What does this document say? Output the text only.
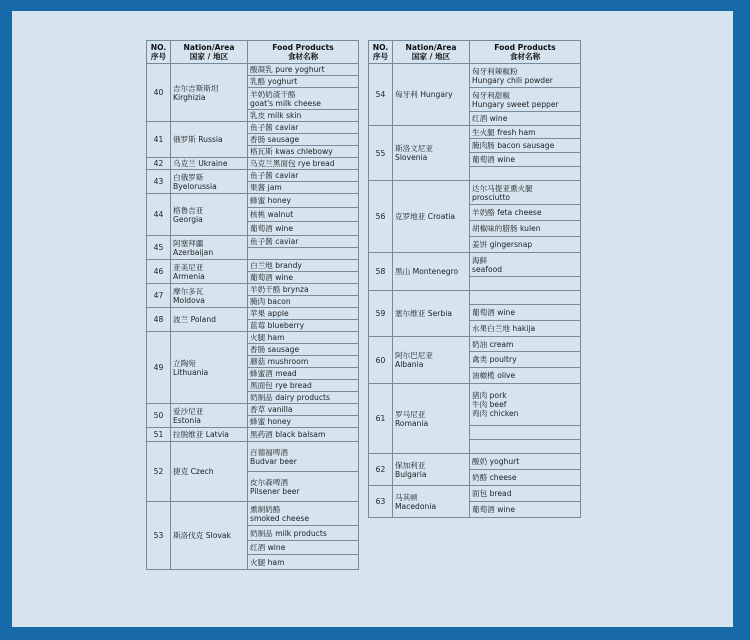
NO.
序号	Nation/Area
国家 / 地区	Food Products
食材名称

40	吉尔吉斯斯坦
Kirghizia	酸凝乳 pure yoghurt

		乳酪 yoghurt

		羊奶奶渣干酪
goat's milk cheese

		乳皮 milk skin

41	俄罗斯 Russia	鱼子酱 caviar

		香肠 sausage

		格瓦斯 kwas chlebowy

42	乌克兰 Ukraine	乌克兰黑面包 rye bread

43	白俄罗斯
Byelorussia	鱼子酱 caviar

		果酱 jam

44	格鲁吉亚
Georgia	蜂蜜 honey

		核桃 walnut

		葡萄酒 wine

45	阿塞拜疆
Azerbaijan	鱼子酱 caviar

46	亚美尼亚
Armenia	白兰地 brandy

		葡萄酒 wine

47	摩尔多瓦
Moldova	羊奶干酪 brynza

		腌肉 bacon

48	波兰 Poland	苹果 apple

		蓝莓 blueberry

49	立陶宛
Lithuania	火腿 ham

		香肠 sausage

		蘑菇 mushroom

		蜂蜜酒 mead

		黑面包 rye bread

		奶制品 dairy products

50	爱沙尼亚
Estonia	香草 vanilla

		蜂蜜 honey

51	拉脱维亚 Latvia	黑药酒 black balsam

52	捷克 Czech	百德福啤酒
Budvar beer

		皮尔森啤酒
Pilsener beer

53	斯洛伐克 Slovak	熏制奶酪
smoked cheese

		奶制品 milk products

		红酒 wine

		火腿 ham
NO.
序号	Nation/Area
国家 / 地区	Food Products
食材名称

54	匈牙利 Hungary	匈牙利辣椒粉
Hungary chili powder

		匈牙利甜椒
Hungary sweet pepper

		红酒 wine

55	斯洛文尼亚
Slovenia	生火腿 fresh ham

		腌肉肠 bacon sausage

		葡萄酒 wine

56	克罗地亚 Croatia	达尔马提亚熏火腿
prosciutto

		羊奶酪 feta cheese

		胡椒味的腊肠 kulen

		姜饼 gingersnap

58	黑山 Montenegro	海鲜
seafood

59	塞尔维亚 Serbia	

		葡萄酒 wine

		水果白兰地 hakija

60	阿尔巴尼亚
Albania	奶油 cream

		禽类 poultry

		油橄榄 olive

61	罗马尼亚
Romania	猪肉 pork
牛肉 beef
鸡肉 chicken

62	保加利亚
Bulgaria	酸奶 yoghurt

		奶酪 cheese

63	马其顿
Macedonia	面包 bread

		葡萄酒 wine
